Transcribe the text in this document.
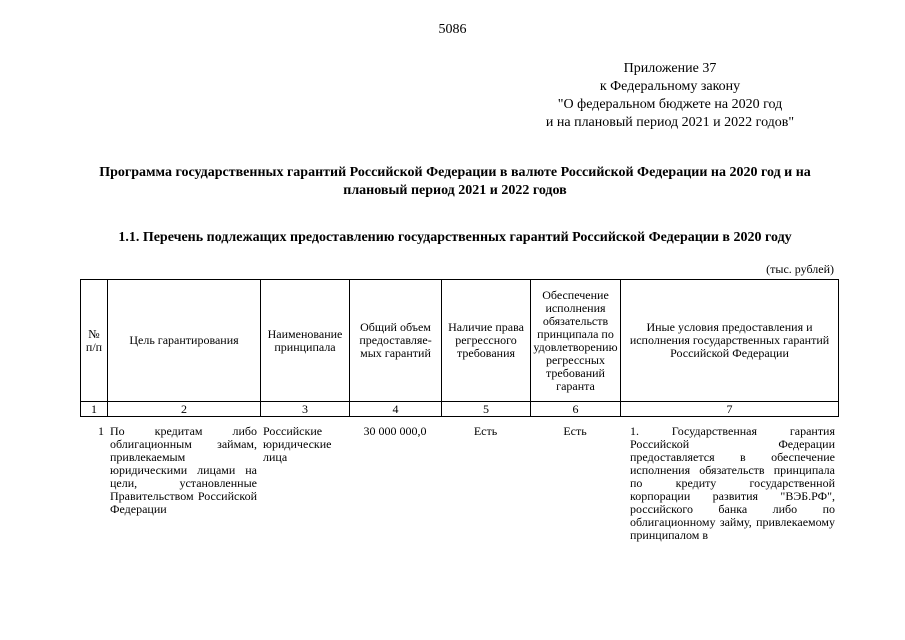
5086
Приложение 37
к Федеральному закону
"О федеральном бюджете на 2020 год
и на плановый период 2021 и 2022 годов"
Программа государственных гарантий Российской Федерации в валюте Российской Федерации на 2020 год и на плановый период 2021 и 2022 годов
1.1. Перечень подлежащих предоставлению государственных гарантий Российской Федерации в 2020 году
(тыс. рублей)
№ п/п	Цель гарантирования	Наименование принципала	Общий объем предоставляе-мых гарантий	Наличие права регрессного требования	Обеспечение исполнения обязательств принципала по удовлетворению регрессных требований гаранта	Иные условия предоставления и исполнения государственных гарантий Российской Федерации
1	2	3	4	5	6	7
1	По кредитам либо облигационным займам, привлекаемым юридическими лицами на цели, установленные Правительством Российской Федерации	Российские юридические лица	30 000 000,0	Есть	Есть	1. Государственная гарантия Российской Федерации предоставляется в обеспечение исполнения обязательств принципала по кредиту государственной корпорации развития "ВЭБ.РФ", российского банка либо по облигационному займу, привлекаемому принципалом в
